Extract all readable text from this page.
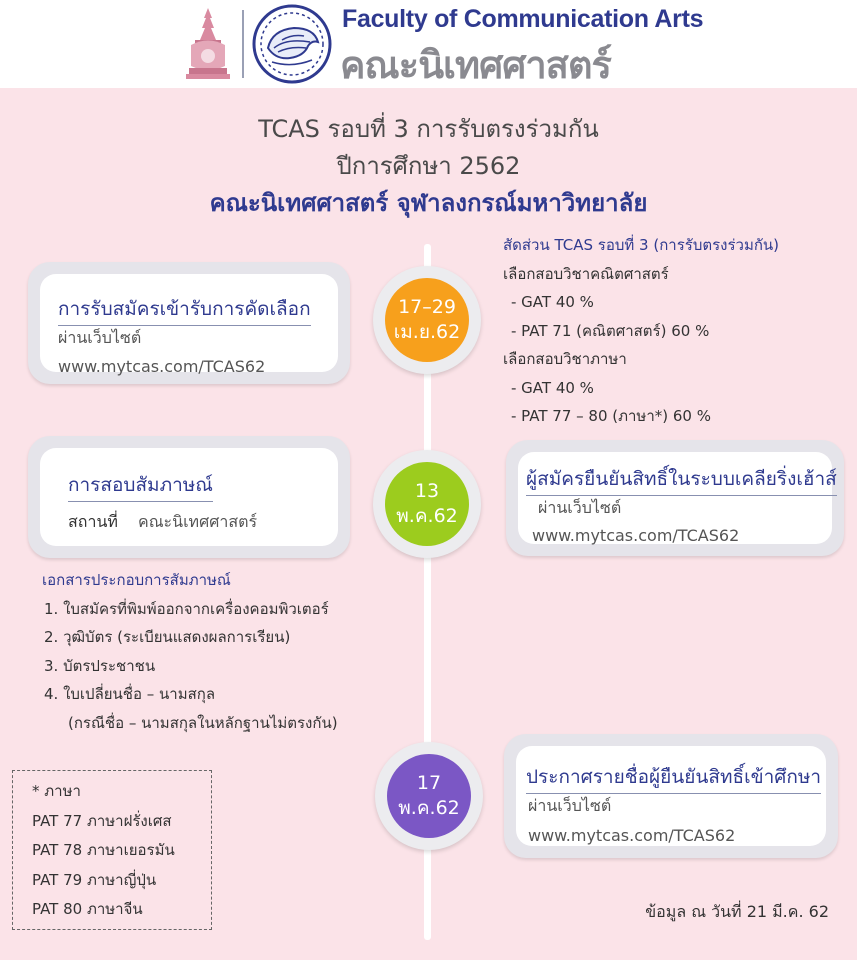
Faculty of Communication Arts
คณะนิเทศศาสตร์
TCAS รอบที่ 3 การรับตรงร่วมกัน
ปีการศึกษา 2562
คณะนิเทศศาสตร์ จุฬาลงกรณ์มหาวิทยาลัย
การรับสมัครเข้ารับการคัดเลือก
ผ่านเว็บไซต์
www.mytcas.com/TCAS62
17–29
เม.ย.62
สัดส่วน TCAS รอบที่ 3 (การรับตรงร่วมกัน)
เลือกสอบวิชาคณิตศาสตร์
- GAT 40 %
- PAT 71 (คณิตศาสตร์) 60 %
เลือกสอบวิชาภาษา
- GAT 40 %
- PAT 77 – 80 (ภาษา*) 60 %
การสอบสัมภาษณ์
สถานที่ คณะนิเทศศาสตร์
13
พ.ค.62
ผู้สมัครยืนยันสิทธิ์ในระบบเคลียริ่งเฮ้าส์
ผ่านเว็บไซต์
www.mytcas.com/TCAS62
เอกสารประกอบการสัมภาษณ์
1. ใบสมัครที่พิมพ์ออกจากเครื่องคอมพิวเตอร์
2. วุฒิบัตร (ระเบียนแสดงผลการเรียน)
3. บัตรประชาชน
4. ใบเปลี่ยนชื่อ – นามสกุล
(กรณีชื่อ – นามสกุลในหลักฐานไม่ตรงกัน)
17
พ.ค.62
ประกาศรายชื่อผู้ยืนยันสิทธิ์เข้าศึกษา
ผ่านเว็บไซต์
www.mytcas.com/TCAS62
* ภาษา
PAT 77 ภาษาฝรั่งเศส
PAT 78 ภาษาเยอรมัน
PAT 79 ภาษาญี่ปุ่น
PAT 80 ภาษาจีน	ข้อมูล ณ วันที่ 21 มี.ค. 62
